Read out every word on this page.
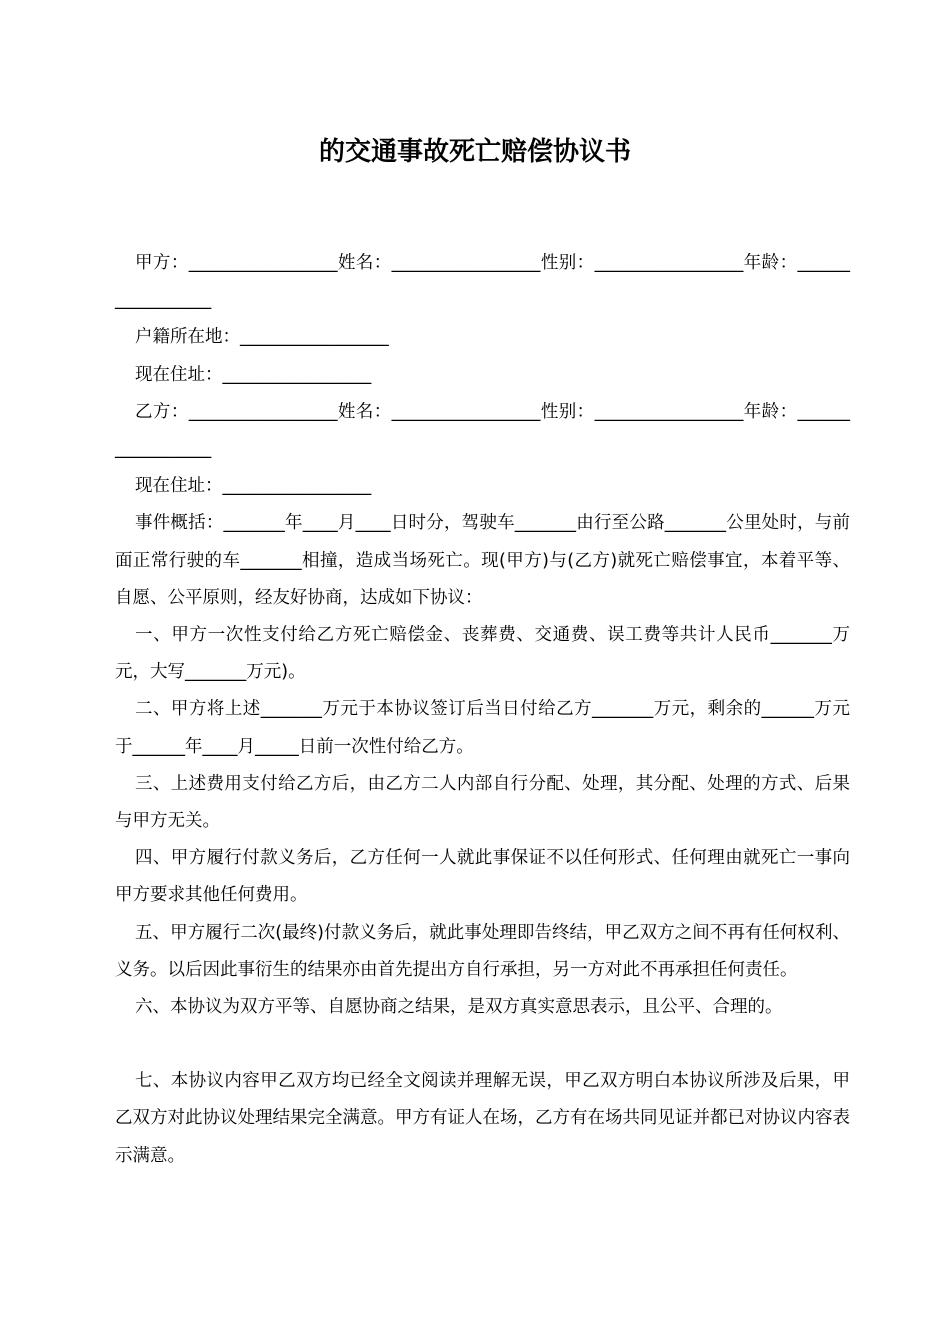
的交通事故死亡赔偿协议书

甲方：_________________姓名：_________________性别：_________________年龄：_________________

户籍所在地：_________________

现在住址：_________________

乙方：_________________姓名：_________________性别：_________________年龄：_________________

现在住址：_________________

事件概括：_______年____月____日时分，驾驶车_______由行至公路_______公里处时，与前面正常行驶的车_______相撞，造成当场死亡。现(甲方)与(乙方)就死亡赔偿事宜，本着平等、自愿、公平原则，经友好协商，达成如下协议：

一、甲方一次性支付给乙方死亡赔偿金、丧葬费、交通费、误工费等共计人民币_______万元，大写_______万元)。

二、甲方将上述_______万元于本协议签订后当日付给乙方_______万元，剩余的______万元于______年____月_____日前一次性付给乙方。

三、上述费用支付给乙方后，由乙方二人内部自行分配、处理，其分配、处理的方式、后果与甲方无关。

四、甲方履行付款义务后，乙方任何一人就此事保证不以任何形式、任何理由就死亡一事向甲方要求其他任何费用。

五、甲方履行二次(最终)付款义务后，就此事处理即告终结，甲乙双方之间不再有任何权利、义务。以后因此事衍生的结果亦由首先提出方自行承担，另一方对此不再承担任何责任。

六、本协议为双方平等、自愿协商之结果，是双方真实意思表示，且公平、合理的。

七、本协议内容甲乙双方均已经全文阅读并理解无误，甲乙双方明白本协议所涉及后果，甲乙双方对此协议处理结果完全满意。甲方有证人在场，乙方有在场共同见证并都已对协议内容表示满意。
